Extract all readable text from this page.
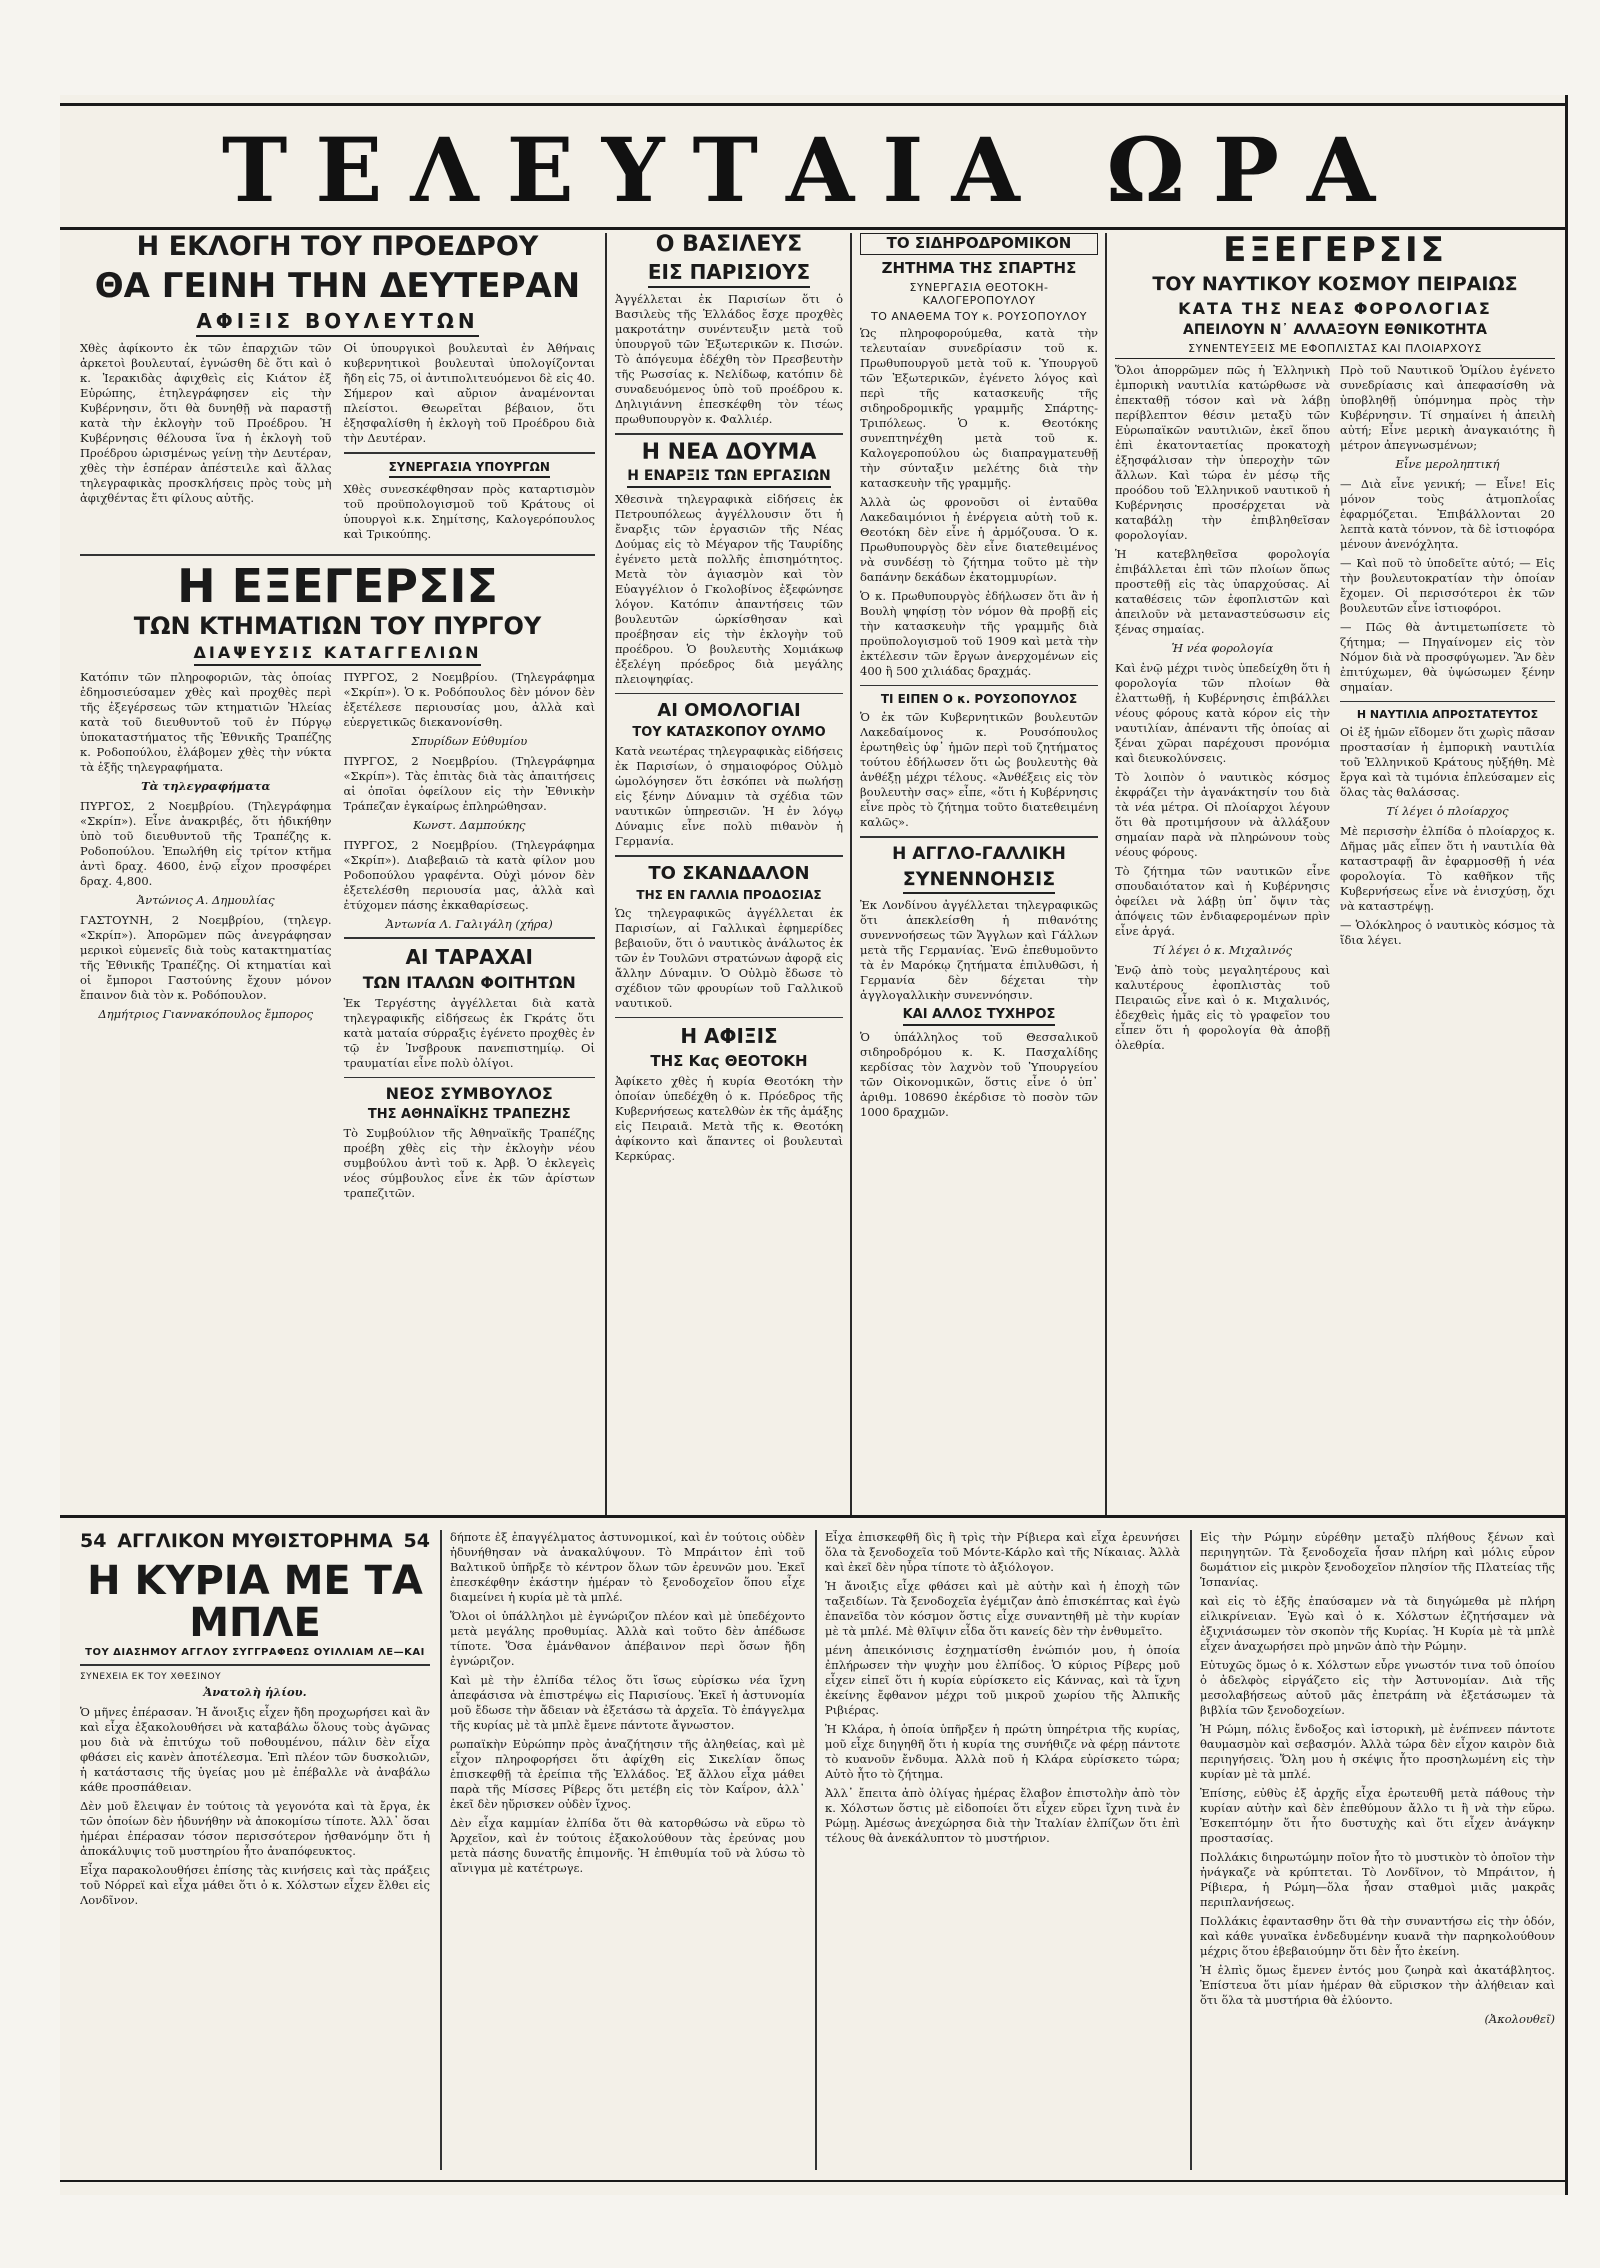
ΤΕΛΕΥΤΑΙΑ ΩΡΑ
Η ΕΚΛΟΓΗ ΤΟΥ ΠΡΟΕΔΡΟΥ
ΘΑ ΓΕΙΝΗ ΤΗΝ ΔΕΥΤΕΡΑΝ
ΑΦΙΞΙΣ ΒΟΥΛΕΥΤΩΝ

Χθὲς ἀφίκοντο ἐκ τῶν ἐπαρχιῶν τῶν ἀρκετοὶ βουλευταί, ἐγνώσθη δὲ ὅτι καὶ ὁ κ. Ἱερακιδὰς ἀφιχθεὶς εἰς Κιάτον ἐξ Εὐρώπης, ἐτηλεγράφησεν εἰς τὴν Κυβέρνησιν, ὅτι θὰ δυνηθῇ νὰ παραστῇ κατὰ τὴν ἐκλογὴν τοῦ Προέδρου. Ἡ Κυβέρνησις θέλουσα ἵνα ἡ ἐκλογὴ τοῦ Προέδρου ὡρισμένως γείνῃ τὴν Δευτέραν, χθὲς τὴν ἑσπέραν ἀπέστειλε καὶ ἄλλας τηλεγραφικὰς προσκλήσεις πρὸς τοὺς μὴ ἀφιχθέντας ἔτι φίλους αὐτῆς.

Οἱ ὑπουργικοὶ βουλευταὶ ἐν Ἀθήναις κυβερνητικοὶ βουλευταὶ ὑπολογίζονται ἤδη εἰς 75, οἱ ἀντιπολιτευόμενοι δὲ εἰς 40. Σήμερον καὶ αὔριον ἀναμένονται πλείστοι. Θεωρεῖται βέβαιον, ὅτι ἐξησφαλίσθη ἡ ἐκλογὴ τοῦ Προέδρου διὰ τὴν Δευτέραν.

ΣΥΝΕΡΓΑΣΙΑ ΥΠΟΥΡΓΩΝ

Χθὲς συνεσκέφθησαν πρὸς καταρτισμὸν τοῦ προϋπολογισμοῦ τοῦ Κράτους οἱ ὑπουργοὶ κ.κ. Σημίτσης, Καλογερόπουλος καὶ Τρικούπης.

Η ΕΞΕΓΕΡΣΙΣ
ΤΩΝ ΚΤΗΜΑΤΙΩΝ ΤΟΥ ΠΥΡΓΟΥ
ΔΙΑΨΕΥΣΙΣ ΚΑΤΑΓΓΕΛΙΩΝ

Κατόπιν τῶν πληροφοριῶν, τὰς ὁποίας ἐδημοσιεύσαμεν χθὲς καὶ προχθὲς περὶ τῆς ἐξεγέρσεως τῶν κτηματιῶν Ἠλείας κατὰ τοῦ διευθυντοῦ τοῦ ἐν Πύργῳ ὑποκαταστήματος τῆς Ἐθνικῆς Τραπέζης κ. Ροδοπούλου, ἐλάβομεν χθὲς τὴν νύκτα τὰ ἑξῆς τηλεγραφήματα.

Τὰ τηλεγραφήματα

ΠΥΡΓΟΣ, 2 Νοεμβρίου. (Τηλεγράφημα «Σκρίπ»). Εἶνε ἀνακριβές, ὅτι ἠδικήθην ὑπὸ τοῦ διευθυντοῦ τῆς Τραπέζης κ. Ροδοπούλου. Ἐπωλήθη εἰς τρίτον κτῆμα ἀντὶ δραχ. 4600, ἐνῷ εἶχον προσφέρει δραχ. 4,800.

Ἀντώνιος Α. Δημουλίας

ΓΑΣΤΟΥΝΗ, 2 Νοεμβρίου, (τηλεγρ. «Σκρίπ»). Ἀπορῶμεν πῶς ἀνεγράφησαν μερικοὶ εὐμενεῖς διὰ τοὺς κατακτηματίας τῆς Ἐθνικῆς Τραπέζης. Οἱ κτηματίαι καὶ οἱ ἔμποροι Γαστούνης ἔχουν μόνον ἔπαινον διὰ τὸν κ. Ροδόπουλον.

Δημήτριος Γιαννακόπουλος ἔμπορος

ΠΥΡΓΟΣ, 2 Νοεμβρίου. (Τηλεγράφημα «Σκρίπ»). Ὁ κ. Ροδόπουλος δὲν μόνον δὲν ἐξετέλεσε περιουσίας μου, ἀλλὰ καὶ εὐεργετικῶς διεκανονίσθη.

Σπυρίδων Εὐθυμίου

ΠΥΡΓΟΣ, 2 Νοεμβρίου. (Τηλεγράφημα «Σκρίπ»). Τὰς ἐπιτὰς διὰ τὰς ἀπαιτήσεις αἱ ὁποῖαι ὀφείλουν εἰς τὴν Ἐθνικὴν Τράπεζαν ἐγκαίρως ἐπληρώθησαν.

Κωνστ. Δαμπούκης

ΠΥΡΓΟΣ, 2 Νοεμβρίου. (Τηλεγράφημα «Σκρίπ»). Διαβεβαιῶ τὰ κατὰ φίλον μου Ροδοπούλου γραφέντα. Οὐχὶ μόνον δὲν ἐξετελέσθη περιουσία μας, ἀλλὰ καὶ ἐτύχομεν πάσης ἐκκαθαρίσεως.

Ἀντωνία Λ. Γαλιγάλη (χήρα)
ΑΙ ΤΑΡΑΧΑΙ
ΤΩΝ ΙΤΑΛΩΝ ΦΟΙΤΗΤΩΝ

Ἐκ Τεργέστης ἀγγέλλεται διὰ κατὰ τηλεγραφικῆς εἰδήσεως ἐκ Γκράτς ὅτι κατὰ ματαία σύρραξις ἐγένετο προχθὲς ἐν τῷ ἐν Ἰνσβρουκ πανεπιστημίῳ. Οἱ τραυματίαι εἶνε πολὺ ὀλίγοι.

ΝΕΟΣ ΣΥΜΒΟΥΛΟΣ
ΤΗΣ ΑΘΗΝΑΪΚΗΣ ΤΡΑΠΕΖΗΣ

Τὸ Συμβούλιον τῆς Ἀθηναϊκῆς Τραπέζης προέβη χθὲς εἰς τὴν ἐκλογὴν νέου συμβούλου ἀντὶ τοῦ κ. Ἀρβ. Ὁ ἐκλεγεὶς νέος σύμβουλος εἶνε ἐκ τῶν ἀρίστων τραπεζιτῶν.

Ο ΒΑΣΙΛΕΥΣ
ΕΙΣ ΠΑΡΙΣΙΟΥΣ

Ἀγγέλλεται ἐκ Παρισίων ὅτι ὁ Βασιλεὺς τῆς Ἑλλάδος ἔσχε προχθὲς μακροτάτην συνέντευξιν μετὰ τοῦ ὑπουργοῦ τῶν Ἐξωτερικῶν κ. Πισών. Τὸ ἀπόγευμα ἐδέχθη τὸν Πρεσβευτὴν τῆς Ρωσσίας κ. Νελίδωφ, κατόπιν δὲ συναδευόμενος ὑπὸ τοῦ προέδρου κ. Δηλιγιάννη ἐπεσκέφθη τὸν τέως πρωθυπουργὸν κ. Φαλλιέρ.

Η ΝΕΑ ΔΟΥΜΑ
Η ΕΝΑΡΞΙΣ ΤΩΝ ΕΡΓΑΣΙΩΝ

Χθεσινὰ τηλεγραφικὰ εἰδήσεις ἐκ Πετρουπόλεως ἀγγέλλουσιν ὅτι ἡ ἔναρξις τῶν ἐργασιῶν τῆς Νέας Δούμας εἰς τὸ Μέγαρον τῆς Ταυρίδης ἐγένετο μετὰ πολλῆς ἐπισημότητος. Μετὰ τὸν ἁγιασμὸν καὶ τὸν Εὐαγγέλιον ὁ Γκολοβίνος ἐξεφώνησε λόγον. Κατόπιν ἀπαντήσεις τῶν βουλευτῶν ὡρκίσθησαν καὶ προέβησαν εἰς τὴν ἐκλογὴν τοῦ προέδρου. Ὁ βουλευτὴς Χομιάκωφ ἐξελέγη πρόεδρος διὰ μεγάλης πλειοψηφίας.

ΑΙ ΟΜΟΛΟΓΙΑΙ
ΤΟΥ ΚΑΤΑΣΚΟΠΟΥ ΟΥΛΜΟ

Κατὰ νεωτέρας τηλεγραφικὰς εἰδήσεις ἐκ Παρισίων, ὁ σημαιοφόρος Οὐλμὸ ὡμολόγησεν ὅτι ἐσκόπει νὰ πωλήσῃ εἰς ξένην Δύναμιν τὰ σχέδια τῶν ναυτικῶν ὑπηρεσιῶν. Ἡ ἐν λόγῳ Δύναμις εἶνε πολὺ πιθανὸν ἡ Γερμανία.

ΤΟ ΣΚΑΝΔΑΛΟΝ
ΤΗΣ ΕΝ ΓΑΛΛΙΑ ΠΡΟΔΟΣΙΑΣ

Ὡς τηλεγραφικῶς ἀγγέλλεται ἐκ Παρισίων, αἱ Γαλλικαὶ ἐφημερίδες βεβαιοῦν, ὅτι ὁ ναυτικὸς ἀνάλωτος ἐκ τῶν ἐν Τουλῶνι στρατώνων ἀφορᾷ εἰς ἄλλην Δύναμιν. Ὁ Οὐλμὸ ἔδωσε τὸ σχέδιον τῶν φρουρίων τοῦ Γαλλικοῦ ναυτικοῦ.

Η ΑΦΙΞΙΣ
ΤΗΣ Κας ΘΕΟΤΟΚΗ

Ἀφίκετο χθὲς ἡ κυρία Θεοτόκη τὴν ὁποίαν ὑπεδέχθη ὁ κ. Πρόεδρος τῆς Κυβερνήσεως κατελθὼν ἐκ τῆς ἀμάξης εἰς Πειραιᾶ. Μετὰ τῆς κ. Θεοτόκη ἀφίκοντο καὶ ἅπαντες οἱ βουλευταὶ Κερκύρας.

ΤΟ ΣΙΔΗΡΟΔΡΟΜΙΚΟΝ
ΖΗΤΗΜΑ ΤΗΣ ΣΠΑΡΤΗΣ
ΣΥΝΕΡΓΑΣΙΑ ΘΕΟΤΟΚΗ-ΚΑΛΟΓΕΡΟΠΟΥΛΟΥ
ΤΟ ΑΝΑΘΕΜΑ ΤΟΥ κ. ΡΟΥΣΟΠΟΥΛΟΥ

Ὡς πληροφορούμεθα, κατὰ τὴν τελευταίαν συνεδρίασιν τοῦ κ. Πρωθυπουργοῦ μετὰ τοῦ κ. Ὑπουργοῦ τῶν Ἐξωτερικῶν, ἐγένετο λόγος καὶ περὶ τῆς κατασκευῆς τῆς σιδηροδρομικῆς γραμμῆς Σπάρτης-Τριπόλεως. Ὁ κ. Θεοτόκης συνεπτηνέχθη μετὰ τοῦ κ. Καλογεροπούλου ὡς διαπραγματευθῇ τὴν σύνταξιν μελέτης διὰ τὴν κατασκευὴν τῆς γραμμῆς.

Ἀλλὰ ὡς φρονοῦσι οἱ ἐνταῦθα Λακεδαιμόνιοι ἡ ἐνέργεια αὐτὴ τοῦ κ. Θεοτόκη δὲν εἶνε ἡ ἀρμόζουσα. Ὁ κ. Πρωθυπουργὸς δὲν εἶνε διατεθειμένος νὰ συνδέσῃ τὸ ζήτημα τοῦτο μὲ τὴν δαπάνην δεκάδων ἑκατομμυρίων.

Ὁ κ. Πρωθυπουργὸς ἐδήλωσεν ὅτι ἂν ἡ Βουλὴ ψηφίσῃ τὸν νόμον θὰ προβῇ εἰς τὴν κατασκευὴν τῆς γραμμῆς διὰ προϋπολογισμοῦ τοῦ 1909 καὶ μετὰ τὴν ἐκτέλεσιν τῶν ἔργων ἀνερχομένων εἰς 400 ἢ 500 χιλιάδας δραχμάς.

ΤΙ ΕΙΠΕΝ Ο κ. ΡΟΥΣΟΠΟΥΛΟΣ

Ὁ ἐκ τῶν Κυβερνητικῶν βουλευτῶν Λακεδαίμονος κ. Ρουσόπουλος ἐρωτηθεὶς ὑφ᾽ ἡμῶν περὶ τοῦ ζητήματος τούτου ἐδήλωσεν ὅτι ὡς βουλευτὴς θὰ ἀνθέξῃ μέχρι τέλους. «Ἀνθέξεις εἰς τὸν βουλευτὴν σας» εἶπε, «ὅτι ἡ Κυβέρνησις εἶνε πρὸς τὸ ζήτημα τοῦτο διατεθειμένη καλῶς».

Η ΑΓΓΛΟ-ΓΑΛΛΙΚΗ
ΣΥΝΕΝΝΟΗΣΙΣ

Ἐκ Λονδίνου ἀγγέλλεται τηλεγραφικῶς ὅτι ἀπεκλείσθη ἡ πιθανότης συνεννοήσεως τῶν Ἄγγλων καὶ Γάλλων μετὰ τῆς Γερμανίας. Ἐνῶ ἐπεθυμοῦντο τὰ ἐν Μαρόκῳ ζητήματα ἐπιλυθῶσι, ἡ Γερμανία δὲν δέχεται τὴν ἀγγλογαλλικὴν συνεννόησιν.

ΚΑΙ ΑΛΛΟΣ ΤΥΧΗΡΟΣ

Ὁ ὑπάλληλος τοῦ Θεσσαλικοῦ σιδηροδρόμου κ. Κ. Πασχαλίδης κερδίσας τὸν λαχνὸν τοῦ Ὑπουργείου τῶν Οἰκονομικῶν, ὅστις εἶνε ὁ ὑπ᾽ ἀριθμ. 108690 ἐκέρδισε τὸ ποσὸν τῶν 1000 δραχμῶν.

ΕΞΕΓΕΡΣΙΣ
ΤΟΥ ΝΑΥΤΙΚΟΥ ΚΟΣΜΟΥ ΠΕΙΡΑΙΩΣ
ΚΑΤΑ ΤΗΣ ΝΕΑΣ ΦΟΡΟΛΟΓΙΑΣ
ΑΠΕΙΛΟΥΝ Ν᾽ ΑΛΛΑΞΟΥΝ ΕΘΝΙΚΟΤΗΤΑ
ΣΥΝΕΝΤΕΥΞΕΙΣ ΜΕ ΕΦΟΠΛΙΣΤΑΣ ΚΑΙ ΠΛΟΙΑΡΧΟΥΣ

Ὅλοι ἀπορρῶμεν πῶς ἡ Ἑλληνικὴ ἐμπορικὴ ναυτιλία κατώρθωσε νὰ ἐπεκταθῇ τόσον καὶ νὰ λάβῃ περίβλεπτον θέσιν μεταξὺ τῶν Εὐρωπαϊκῶν ναυτιλιῶν, ἐκεῖ ὅπου ἐπὶ ἐκατονταετίας προκατοχὴ ἐξησφάλισαν τὴν ὑπεροχὴν τῶν ἄλλων. Καὶ τώρα ἐν μέσῳ τῆς προόδου τοῦ Ἑλληνικοῦ ναυτικοῦ ἡ Κυβέρνησις προσέρχεται νὰ καταβάλῃ τὴν ἐπιβληθεῖσαν φορολογίαν.

Ἡ κατεβληθεῖσα φορολογία ἐπιβάλλεται ἐπὶ τῶν πλοίων ὅπως προστεθῇ εἰς τὰς ὑπαρχούσας. Αἱ καταθέσεις τῶν ἐφοπλιστῶν καὶ ἀπειλοῦν νὰ μεταναστεύσωσιν εἰς ξένας σημαίας.

Ἡ νέα φορολογία

Καὶ ἐνῷ μέχρι τινὸς ὑπεδείχθη ὅτι ἡ φορολογία τῶν πλοίων θὰ ἐλαττωθῇ, ἡ Κυβέρνησις ἐπιβάλλει νέους φόρους κατὰ κόρον εἰς τὴν ναυτιλίαν, ἀπέναντι τῆς ὁποίας αἱ ξέναι χῶραι παρέχουσι προνόμια καὶ διευκολύνσεις.

Τὸ λοιπὸν ὁ ναυτικὸς κόσμος ἐκφράζει τὴν ἀγανάκτησίν του διὰ τὰ νέα μέτρα. Οἱ πλοίαρχοι λέγουν ὅτι θὰ προτιμήσουν νὰ ἀλλάξουν σημαίαν παρὰ νὰ πληρώνουν τοὺς νέους φόρους.

Τὸ ζήτημα τῶν ναυτικῶν εἶνε σπουδαιότατον καὶ ἡ Κυβέρνησις ὀφείλει νὰ λάβῃ ὑπ᾽ ὄψιν τὰς ἀπόψεις τῶν ἐνδιαφερομένων πρὶν εἶνε ἀργά.

Τί λέγει ὁ κ. Μιχαλινός

Ἐνῷ ἀπὸ τοὺς μεγαλητέρους καὶ καλυτέρους ἐφοπλιστὰς τοῦ Πειραιῶς εἶνε καὶ ὁ κ. Μιχαλινός, ἐδεχθεὶς ἡμᾶς εἰς τὸ γραφεῖον του εἶπεν ὅτι ἡ φορολογία θὰ ἀποβῇ ὀλεθρία.

Πρὸ τοῦ Ναυτικοῦ Ὁμίλου ἐγένετο συνεδρίασις καὶ ἀπεφασίσθη νὰ ὑποβληθῇ ὑπόμνημα πρὸς τὴν Κυβέρνησιν. Τί σημαίνει ἡ ἀπειλὴ αὐτή; Εἶνε μερικὴ ἀναγκαιότης ἢ μέτρον ἀπεγνωσμένων;

Εἶνε μεροληπτική

— Διὰ εἶνε γενική; — Εἶνε! Εἰς μόνον τοὺς ἀτμοπλοΐας ἐφαρμόζεται. Ἐπιβάλλονται 20 λεπτὰ κατὰ τόννον, τὰ δὲ ἱστιοφόρα μένουν ἀνενόχλητα.

— Καὶ ποῦ τὸ ὑποδεῖτε αὐτό; — Εἰς τὴν βουλευτοκρατίαν τὴν ὁποίαν ἔχομεν. Οἱ περισσότεροι ἐκ τῶν βουλευτῶν εἶνε ἱστιοφόροι.

— Πῶς θὰ ἀντιμετωπίσετε τὸ ζήτημα; — Πηγαίνομεν εἰς τὸν Νόμον διὰ νὰ προσφύγωμεν. Ἂν δὲν ἐπιτύχωμεν, θὰ ὑψώσωμεν ξένην σημαίαν.

Η ΝΑΥΤΙΛΙΑ ΑΠΡΟΣΤΑΤΕΥΤΟΣ

Οἱ ἐξ ἡμῶν εἴδομεν ὅτι χωρὶς πᾶσαν προστασίαν ἡ ἐμπορικὴ ναυτιλία τοῦ Ἑλληνικοῦ Κράτους ηὐξήθη. Μὲ ἔργα καὶ τὰ τιμόνια ἐπλεύσαμεν εἰς ὅλας τὰς θαλάσσας.

Τί λέγει ὁ πλοίαρχος

Μὲ περισσὴν ἐλπίδα ὁ πλοίαρχος κ. Δῆμας μᾶς εἶπεν ὅτι ἡ ναυτιλία θὰ καταστραφῇ ἂν ἐφαρμοσθῇ ἡ νέα φορολογία. Τὸ καθῆκον τῆς Κυβερνήσεως εἶνε νὰ ἐνισχύσῃ, ὄχι νὰ καταστρέψῃ.

— Ὁλόκληρος ὁ ναυτικὸς κόσμος τὰ ἴδια λέγει.

54 ΑΓΓΛΙΚΟΝ ΜΥΘΙΣΤΟΡΗΜΑ 54
Η ΚΥΡΙΑ ΜΕ ΤΑ ΜΠΛΕ
ΤΟΥ ΔΙΑΣΗΜΟΥ ΑΓΓΛΟΥ ΣΥΓΓΡΑΦΕΩΣ ΟΥΙΛΛΙΑΜ ΛΕ—ΚΑΙ
ΣΥΝΕΧΕΙΑ ΕΚ ΤΟΥ ΧΘΕΣΙΝΟΥ
Ἀνατολὴ ἡλίου.

Ὁ μῆνες ἐπέρασαν. Ἡ ἄνοιξις εἶχεν ἤδη προχωρήσει καὶ ἂν καὶ εἶχα ἐξακολουθήσει νὰ καταβάλω ὅλους τοὺς ἀγῶνας μου διὰ νὰ ἐπιτύχω τοῦ ποθουμένου, πάλιν δὲν εἶχα φθάσει εἰς κανὲν ἀποτέλεσμα. Ἐπὶ πλέον τῶν δυσκολιῶν, ἡ κατάστασις τῆς ὑγείας μου μὲ ἐπέβαλλε νὰ ἀναβάλω κάθε προσπάθειαν.

Δὲν μοῦ ἔλειψαν ἐν τούτοις τὰ γεγονότα καὶ τὰ ἔργα, ἐκ τῶν ὁποίων δὲν ἠδυνήθην νὰ ἀποκομίσω τίποτε. Ἀλλ᾽ ὅσαι ἡμέραι ἐπέρασαν τόσον περισσότερον ἠσθανόμην ὅτι ἡ ἀποκάλυψις τοῦ μυστηρίου ἦτο ἀναπόφευκτος.

Εἶχα παρακολουθήσει ἐπίσης τὰς κινήσεις καὶ τὰς πράξεις τοῦ Νόρρεϊ καὶ εἶχα μάθει ὅτι ὁ κ. Χόλστων εἶχεν ἔλθει εἰς Λονδῖνον.

δήποτε ἐξ ἐπαγγέλματος ἀστυνομικοί, καὶ ἐν τούτοις οὐδὲν ἠδυνήθησαν νὰ ἀνακαλύψουν. Τὸ Μπράιτον ἐπὶ τοῦ Βαλτικοῦ ὑπῆρξε τὸ κέντρον ὅλων τῶν ἐρευνῶν μου. Ἐκεῖ ἐπεσκέφθην ἑκάστην ἡμέραν τὸ ξενοδοχεῖον ὅπου εἶχε διαμείνει ἡ κυρία μὲ τὰ μπλέ.

Ὅλοι οἱ ὑπάλληλοι μὲ ἐγνώριζον πλέον καὶ μὲ ὑπεδέχοντο μετὰ μεγάλης προθυμίας. Ἀλλὰ καὶ τοῦτο δὲν ἀπέδωσε τίποτε. Ὅσα ἐμάνθανον ἀπέβαινον περὶ ὅσων ἤδη ἐγνώριζον.

Καὶ μὲ τὴν ἐλπίδα τέλος ὅτι ἴσως εὑρίσκω νέα ἴχνη ἀπεφάσισα νὰ ἐπιστρέψω εἰς Παρισίους. Ἐκεῖ ἡ ἀστυνομία μοῦ ἔδωσε τὴν ἄδειαν νὰ ἐξετάσω τὰ ἀρχεῖα. Τὸ ἐπάγγελμα τῆς κυρίας μὲ τὰ μπλὲ ἔμενε πάντοτε ἄγνωστον.

ρωπαϊκὴν Εὐρώπην πρὸς ἀναζήτησιν τῆς ἀληθείας, καὶ μὲ εἶχον πληροφορήσει ὅτι ἀφίχθη εἰς Σικελίαν ὅπως ἐπισκεφθῇ τὰ ἐρείπια τῆς Ἑλλάδος. Ἐξ ἄλλου εἶχα μάθει παρὰ τῆς Μίσσες Ρίβερς ὅτι μετέβη εἰς τὸν Καΐρον, ἀλλ᾽ ἐκεῖ δὲν ηὕρισκεν οὐδὲν ἴχνος.

Δὲν εἶχα καμμίαν ἐλπίδα ὅτι θὰ κατορθώσω νὰ εὕρω τὸ Ἀρχεῖον, καὶ ἐν τούτοις ἐξακολούθουν τὰς ἐρεύνας μου μετὰ πάσης δυνατῆς ἐπιμονῆς. Ἡ ἐπιθυμία τοῦ νὰ λύσω τὸ αἴνιγμα μὲ κατέτρωγε.

Εἶχα ἐπισκεφθῆ δὶς ἢ τρὶς τὴν Ρίβιερα καὶ εἶχα ἐρευνήσει ὅλα τὰ ξενοδοχεῖα τοῦ Μόντε-Κάρλο καὶ τῆς Νίκαιας. Ἀλλὰ καὶ ἐκεῖ δὲν ηὗρα τίποτε τὸ ἀξιόλογον.

Ἡ ἄνοιξις εἶχε φθάσει καὶ μὲ αὐτὴν καὶ ἡ ἐποχὴ τῶν ταξειδίων. Τὰ ξενοδοχεῖα ἐγέμιζαν ἀπὸ ἐπισκέπτας καὶ ἐγὼ ἐπανεῖδα τὸν κόσμον ὅστις εἶχε συναντηθῆ μὲ τὴν κυρίαν μὲ τὰ μπλέ. Μὲ θλῖψιν εἶδα ὅτι κανείς δὲν τὴν ἐνθυμεῖτο.

μένη ἀπεικόνισις ἐσχηματίσθη ἐνώπιόν μου, ἡ ὁποία ἐπλήρωσεν τὴν ψυχὴν μου ἐλπίδος. Ὁ κύριος Ρίβερς μοῦ εἶχεν εἰπεῖ ὅτι ἡ κυρία εὑρίσκετο εἰς Κάννας, καὶ τὰ ἴχνη ἐκείνης ἔφθανον μέχρι τοῦ μικροῦ χωρίου τῆς Ἀλπικῆς Ριβιέρας.

Ἡ Κλάρα, ἡ ὁποία ὑπῆρξεν ἡ πρώτη ὑπηρέτρια τῆς κυρίας, μοῦ εἶχε διηγηθῆ ὅτι ἡ κυρία της συνήθιζε νὰ φέρῃ πάντοτε τὸ κυανοῦν ἔνδυμα. Ἀλλὰ ποῦ ἡ Κλάρα εὑρίσκετο τώρα; Αὐτὸ ἦτο τὸ ζήτημα.

Ἀλλ᾽ ἔπειτα ἀπὸ ὀλίγας ἡμέρας ἔλαβον ἐπιστολὴν ἀπὸ τὸν κ. Χόλστων ὅστις μὲ εἰδοποίει ὅτι εἶχεν εὕρει ἴχνη τινὰ ἐν Ρώμῃ. Ἀμέσως ἀνεχώρησα διὰ τὴν Ἰταλίαν ἐλπίζων ὅτι ἐπὶ τέλους θὰ ἀνεκάλυπτον τὸ μυστήριον.

Εἰς τὴν Ρώμην εὑρέθην μεταξὺ πλήθους ξένων καὶ περιηγητῶν. Τὰ ξενοδοχεῖα ἦσαν πλήρη καὶ μόλις εὗρον δωμάτιον εἰς μικρὸν ξενοδοχεῖον πλησίον τῆς Πλατείας τῆς Ἱσπανίας.

καὶ εἰς τὸ ἑξῆς ἐπαύσαμεν νὰ τὰ διηγώμεθα μὲ πλήρη εἰλικρίνειαν. Ἐγὼ καὶ ὁ κ. Χόλστων ἐζητήσαμεν νὰ ἐξιχνιάσωμεν τὸν σκοπὸν τῆς Κυρίας. Ἡ Κυρία μὲ τὰ μπλὲ εἶχεν ἀναχωρήσει πρὸ μηνῶν ἀπὸ τὴν Ρώμην.

Εὐτυχῶς ὅμως ὁ κ. Χόλστων εὗρε γνωστόν τινα τοῦ ὁποίου ὁ ἀδελφὸς εἰργάζετο εἰς τὴν Ἀστυνομίαν. Διὰ τῆς μεσολαβήσεως αὐτοῦ μᾶς ἐπετράπη νὰ ἐξετάσωμεν τὰ βιβλία τῶν ξενοδοχείων.

Ἡ Ρώμη, πόλις ἔνδοξος καὶ ἱστορικὴ, μὲ ἐνέπνεεν πάντοτε θαυμασμὸν καὶ σεβασμόν. Ἀλλὰ τώρα δὲν εἶχον καιρὸν διὰ περιηγήσεις. Ὅλη μου ἡ σκέψις ἦτο προσηλωμένη εἰς τὴν κυρίαν μὲ τὰ μπλέ.

Ἐπίσης, εὐθὺς ἐξ ἀρχῆς εἶχα ἐρωτευθῆ μετὰ πάθους τὴν κυρίαν αὐτὴν καὶ δὲν ἐπεθύμουν ἄλλο τι ἢ νὰ τὴν εὕρω. Ἐσκεπτόμην ὅτι ἦτο δυστυχὴς καὶ ὅτι εἶχεν ἀνάγκην προστασίας.

Πολλάκις διηρωτώμην ποῖον ἦτο τὸ μυστικὸν τὸ ὁποῖον τὴν ἠνάγκαζε νὰ κρύπτεται. Τὸ Λονδῖνον, τὸ Μπράιτον, ἡ Ρίβιερα, ἡ Ρώμη—ὅλα ἦσαν σταθμοὶ μιᾶς μακρᾶς περιπλανήσεως.

Πολλάκις ἐφαντασθην ὅτι θὰ τὴν συναντήσω εἰς τὴν ὁδόν, καὶ κάθε γυναῖκα ἐνδεδυμένην κυανᾶ τὴν παρηκολούθουν μέχρις ὅτου ἐβεβαιούμην ὅτι δὲν ἦτο ἐκείνη.

Ἡ ἐλπὶς ὅμως ἔμενεν ἐντός μου ζωηρὰ καὶ ἀκατάβλητος. Ἐπίστευα ὅτι μίαν ἡμέραν θὰ εὕρισκον τὴν ἀλήθειαν καὶ ὅτι ὅλα τὰ μυστήρια θὰ ἐλύοντο.

(Ἀκολουθεῖ)
